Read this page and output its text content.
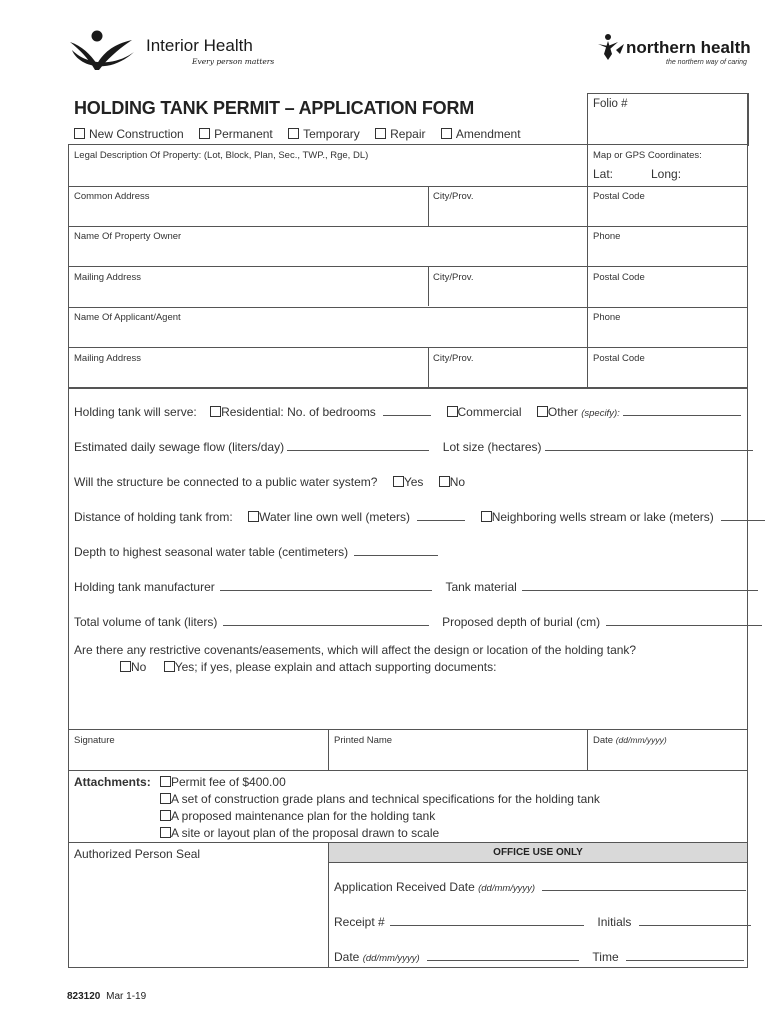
Interior Health
Every person matters
northern health
the northern way of caring
HOLDING TANK PERMIT – APPLICATION FORM
New Construction	Permanent	Temporary	Repair	Amendment
Folio #
Legal Description Of Property: (Lot, Block, Plan, Sec., TWP., Rge, DL)	Map or GPS Coordinates:
Lat:	Long:
Common Address	City/Prov.	Postal Code
Name Of Property Owner	Phone
Mailing Address	City/Prov.	Postal Code
Name Of Applicant/Agent	Phone
Mailing Address	City/Prov.	Postal Code
Holding tank will serve: Residential: No. of bedrooms	Commercial Other (specify):
Estimated daily sewage flow (liters/day)	Lot size (hectares)
Will the structure be connected to a public water system? Yes No
Distance of holding tank from: Water line own well (meters)	Neighboring wells stream or lake (meters)
Depth to highest seasonal water table (centimeters)
Holding tank manufacturer	Tank material
Total volume of tank (liters)	Proposed depth of burial (cm)
Are there any restrictive covenants/easements, which will affect the design or location of the holding tank?
No Yes; if yes, please explain and attach supporting documents:
Signature	Printed Name	Date (dd/mm/yyyy)
Attachments:	Permit fee of $400.00
A set of construction grade plans and technical specifications for the holding tank
A proposed maintenance plan for the holding tank
A site or layout plan of the proposal drawn to scale
Authorized Person Seal	OFFICE USE ONLY
Application Received Date (dd/mm/yyyy)
Receipt #	Initials
Date (dd/mm/yyyy)	Time
823120 Mar 1-19
